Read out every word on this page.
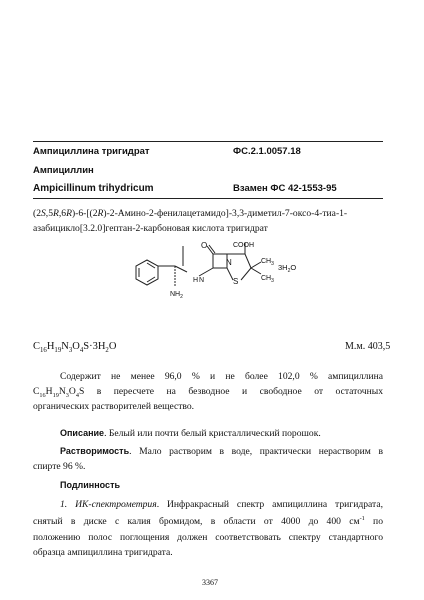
Ампициллина тригидрат	ФС.2.1.0057.18
Ампициллин
Ampicillinum trihydricum	Взамен ФС 42-1553-95
(2S,5R,6R)-6-[(2R)-2-Амино-2-фенилацетамидо]-3,3-диметил-7-оксо-4-тиа-1-
азабицикло[3.2.0]гептан-2-карбоновая кислота тригидрат
COOH
O
N
S
$CH_3$
$CH_3$
H N
$NH_2$
$3H_2O$
$C_{16}H_{19}N_3O_4S\cdot 3H_2O$	М.м. 403,5
Содержит не менее 96,0 % и не более 102,0 % ампициллина
$C_{16}H_{19}N_3O_4S$ в пересчете на безводное и свободное от остаточных
органических растворителей вещество.
Описание. Белый или почти белый кристаллический порошок.
Растворимость. Мало растворим в воде, практически нерастворим в
спирте 96 %.
Подлинность
1. ИК-спектрометрия. Инфракрасный спектр ампициллина тригидрата,
снятый в диске с калия бромидом, в области от 4000 до 400 $см^{-1}$ по
положению полос поглощения должен соответствовать спектру стандартного
образца ампициллина тригидрата.
3367
